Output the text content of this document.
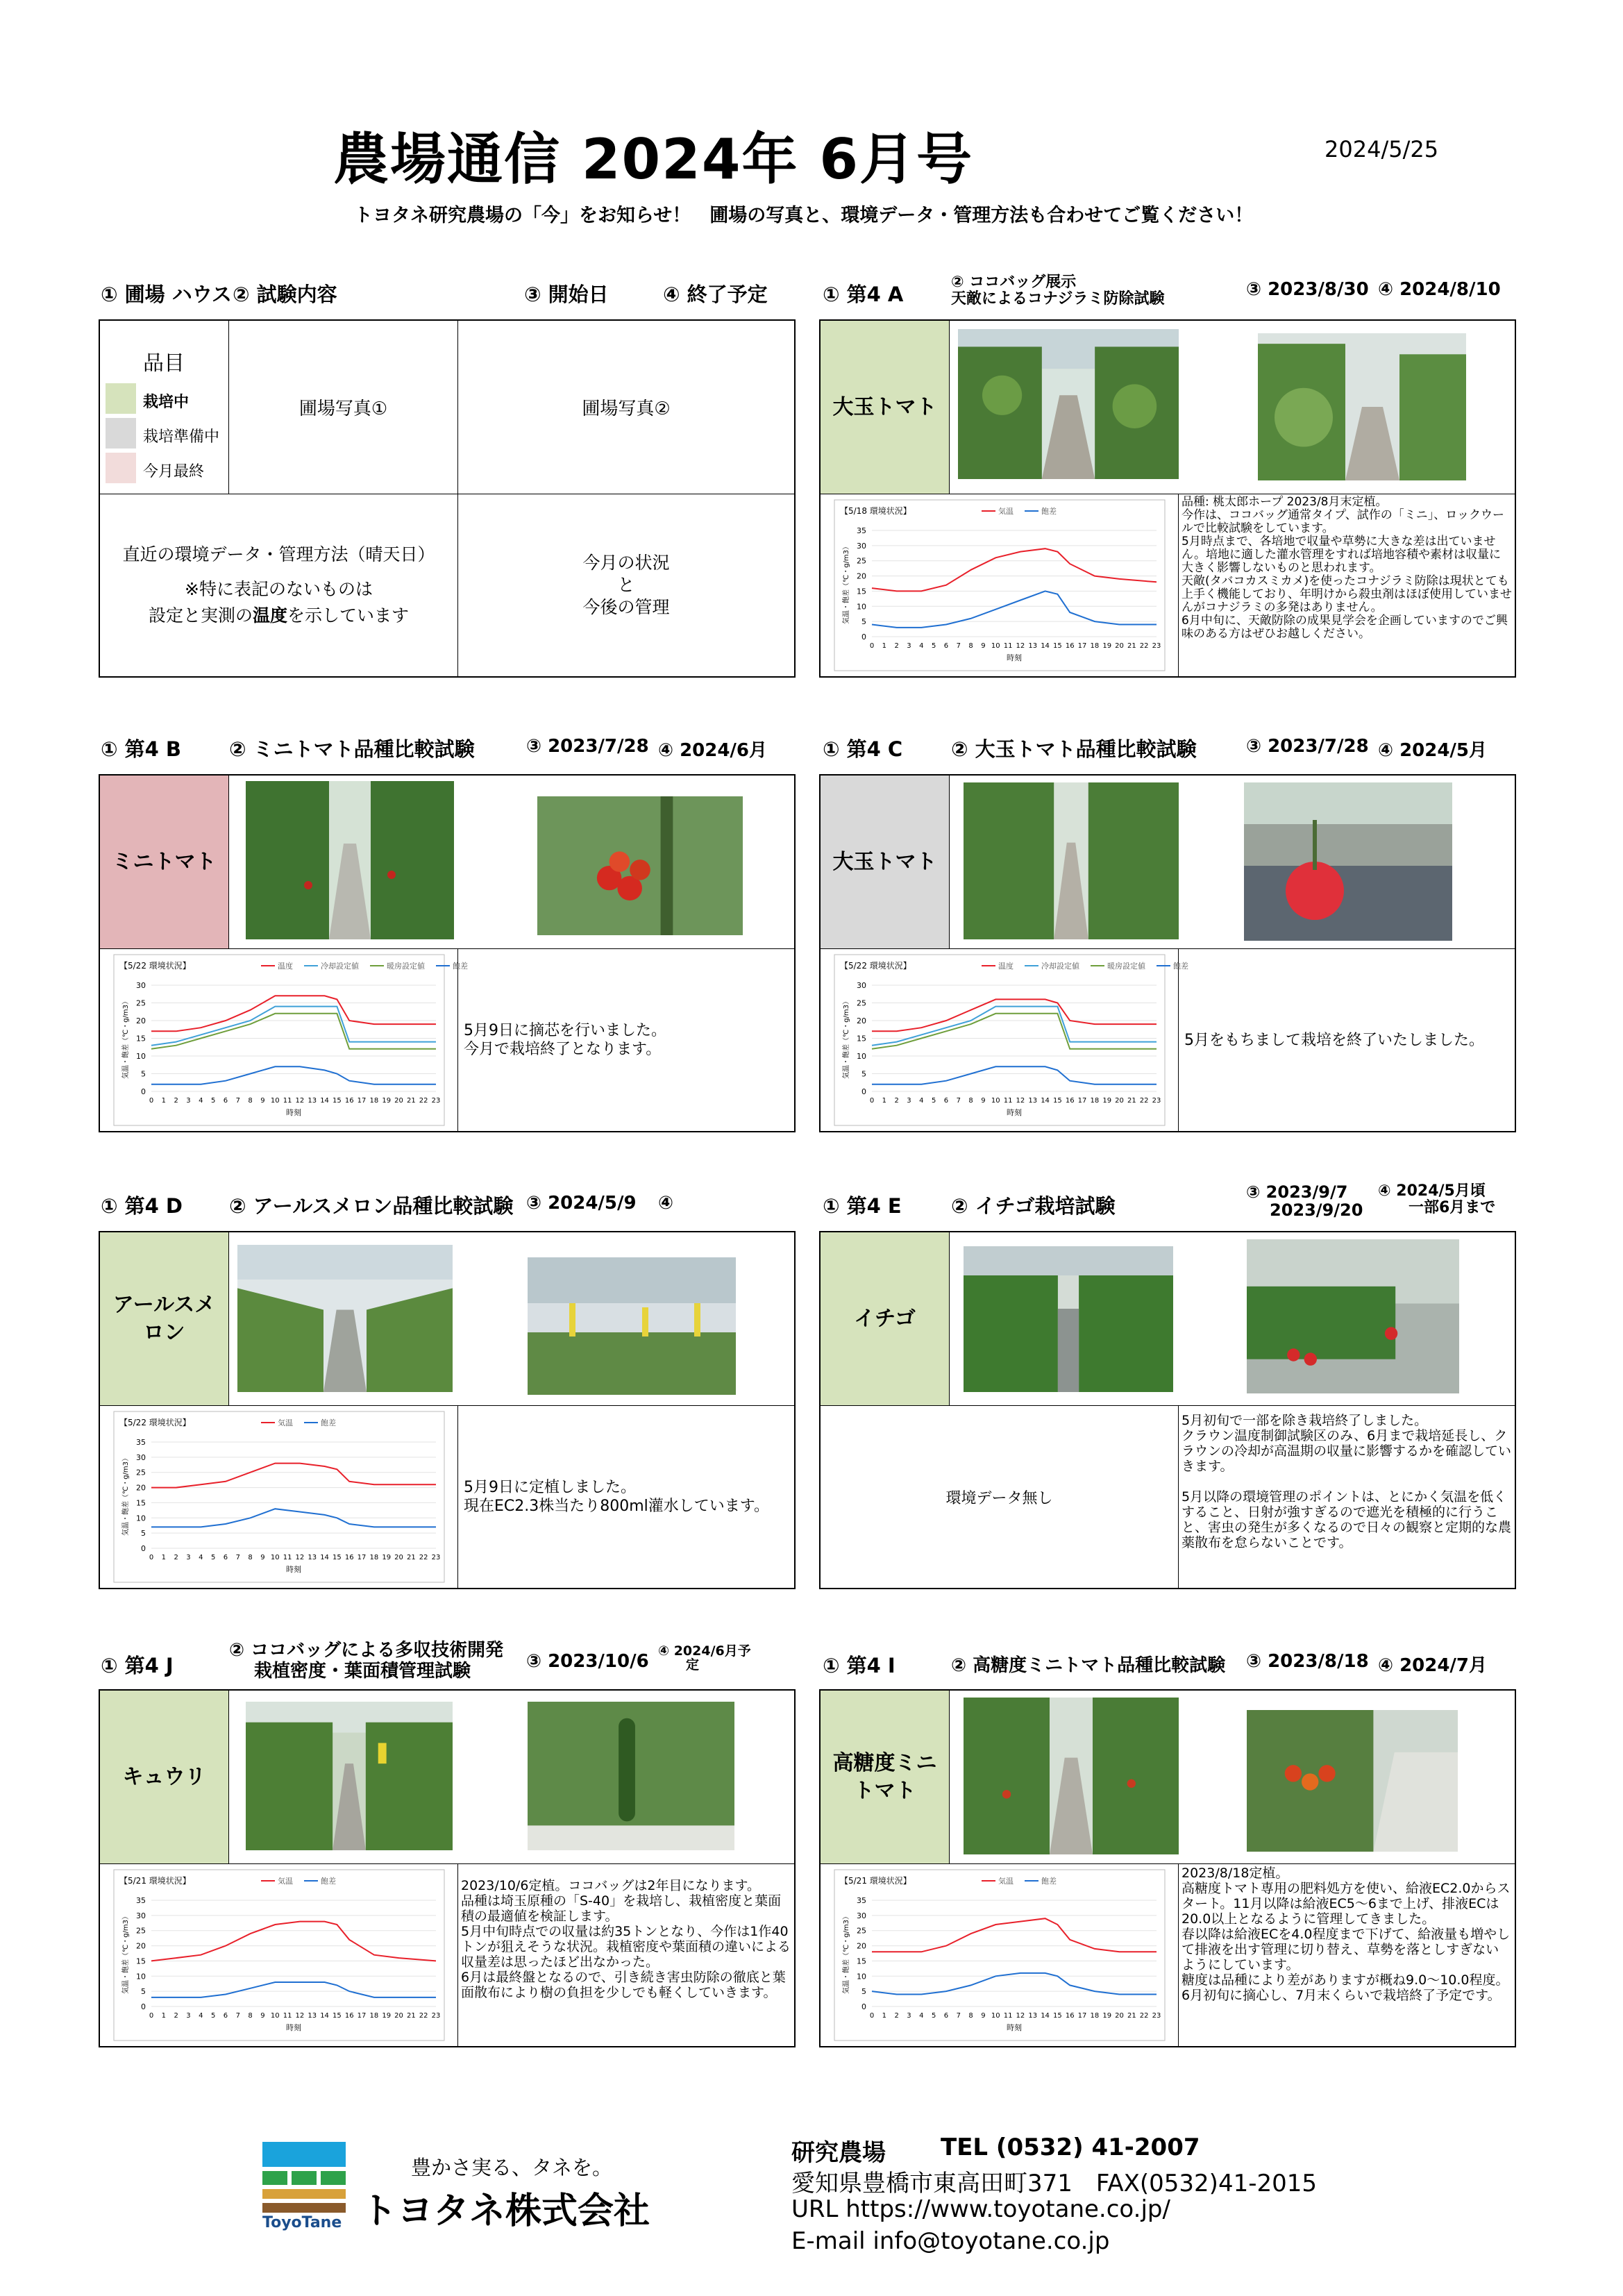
農場通信 2024年 6月号	2024/5/25
トヨタネ研究農場の「今」をお知らせ！　圃場の写真と、環境データ・管理方法も合わせてご覧ください！
① 圃場 ハウス ② 試験内容	③ 開始日	④ 終了予定
品目
栽培中
栽培準備中
今月最終
圃場写真①	圃場写真②
直近の環境データ・管理方法（晴天日）
※特に表記のないものは
設定と実測の温度を示しています
今月の状況
と
今後の管理
① 第4 A
② ココバッグ展示
天敵によるコナジラミ防除試験	③ 2023/8/30 ④ 2024/8/10
大玉トマト
【5/18 環境状況】	気温	飽差
0
5
10
15
20
25
30
35
0 1 2 3 4 5 6 7 8 9 10 11 12 13 14 15 16 17 18 19 20 21 22 23
時刻
気温・飽差（℃・g/m3）
品種: 桃太郎ホープ 2023/8月末定植。
今作は、ココバッグ通常タイプ、試作の「ミニ」、ロックウールで比較試験をしています。
5月時点まで、各培地で収量や草勢に大きな差は出ていません。培地に適した灌水管理をすれば培地容積や素材は収量に大きく影響しないものと思われます。
天敵(タバコカスミカメ)を使ったコナジラミ防除は現状とても上手く機能しており、年明けから殺虫剤はほぼ使用していませんがコナジラミの多発はありません。
6月中旬に、天敵防除の成果見学会を企画していますのでご興味のある方はぜひお越しください。
① 第4 B ② ミニトマト品種比較試験	③ 2023/7/28 ④ 2024/6月
ミニトマト
【5/22 環境状況】	温度	冷却設定値	暖房設定値	飽差
0
5
10
15
20
25
30
0 1 2 3 4 5 6 7 8 9 10 11 12 13 14 15 16 17 18 19 20 21 22 23
時刻
気温・飽差（℃・g/m3）	5月9日に摘芯を行いました。
今月で栽培終了となります。
① 第4 C ② 大玉トマト品種比較試験	③ 2023/7/28 ④ 2024/5月
大玉トマト
【5/22 環境状況】	温度	冷却設定値	暖房設定値	飽差
0
5
10
15
20
25
30
0 1 2 3 4 5 6 7 8 9 10 11 12 13 14 15 16 17 18 19 20 21 22 23
時刻
気温・飽差（℃・g/m3）	5月をもちまして栽培を終了いたしました。
① 第4 D ② アールスメロン品種比較試験 ③ 2024/5/9 ④
アールスメロン
【5/22 環境状況】	気温	飽差
0
5
10
15
20
25
30
35
0 1 2 3 4 5 6 7 8 9 10 11 12 13 14 15 16 17 18 19 20 21 22 23
時刻
気温・飽差（℃・g/m3）	5月9日に定植しました。
現在EC2.3株当たり800ml灌水しています。
① 第4 E ② イチゴ栽培試験
③ 2023/9/7
2023/9/20
④ 2024/5月頃
一部6月まで
イチゴ
環境データ無し
5月初旬で一部を除き栽培終了しました。
クラウン温度制御試験区のみ、6月まで栽培延長し、クラウンの冷却が高温期の収量に影響するかを確認していきます。

5月以降の環境管理のポイントは、とにかく気温を低くすること、日射が強すぎるので遮光を積極的に行うこと、害虫の発生が多くなるので日々の観察と定期的な農薬散布を怠らないことです。
① 第4 J
② ココバッグによる多収技術開発
栽植密度・葉面積管理試験	③ 2023/10/6 ④ 2024/6月予
定
キュウリ
【5/21 環境状況】	気温	飽差
0
5
10
15
20
25
30
35
0 1 2 3 4 5 6 7 8 9 10 11 12 13 14 15 16 17 18 19 20 21 22 23
時刻
気温・飽差（℃・g/m3）
2023/10/6定植。ココバッグは2年目になります。
品種は埼玉原種の「S-40」を栽培し、栽植密度と葉面積の最適値を検証します。
5月中旬時点での収量は約35トンとなり、今作は1作40トンが狙えそうな状況。栽植密度や葉面積の違いによる収量差は思ったほど出なかった。
6月は最終盤となるので、引き続き害虫防除の徹底と葉面散布により樹の負担を少しでも軽くしていきます。
① 第4 I	② 高糖度ミニトマト品種比較試験 ③ 2023/8/18 ④ 2024/7月
高糖度ミニトマト
【5/21 環境状況】	気温	飽差
0
5
10
15
20
25
30
35
0 1 2 3 4 5 6 7 8 9 10 11 12 13 14 15 16 17 18 19 20 21 22 23
時刻
気温・飽差（℃・g/m3）
2023/8/18定植。
高糖度トマト専用の肥料処方を使い、給液EC2.0からスタート。11月以降は給液EC5～6まで上げ、排液ECは20.0以上となるように管理してきました。
春以降は給液ECを4.0程度まで下げて、給液量も増やして排液を出す管理に切り替え、草勢を落としすぎないようにしています。
糖度は品種により差がありますが概ね9.0～10.0程度。6月初旬に摘心し、7月末くらいで栽培終了予定です。
ToyoTane
豊かさ実る、タネを。
トヨタネ株式会社
研究農場 TEL (0532) 41-2007
愛知県豊橋市東高田町371　FAX(0532)41-2015
URL https://www.toyotane.co.jp/
E-mail info@toyotane.co.jp
